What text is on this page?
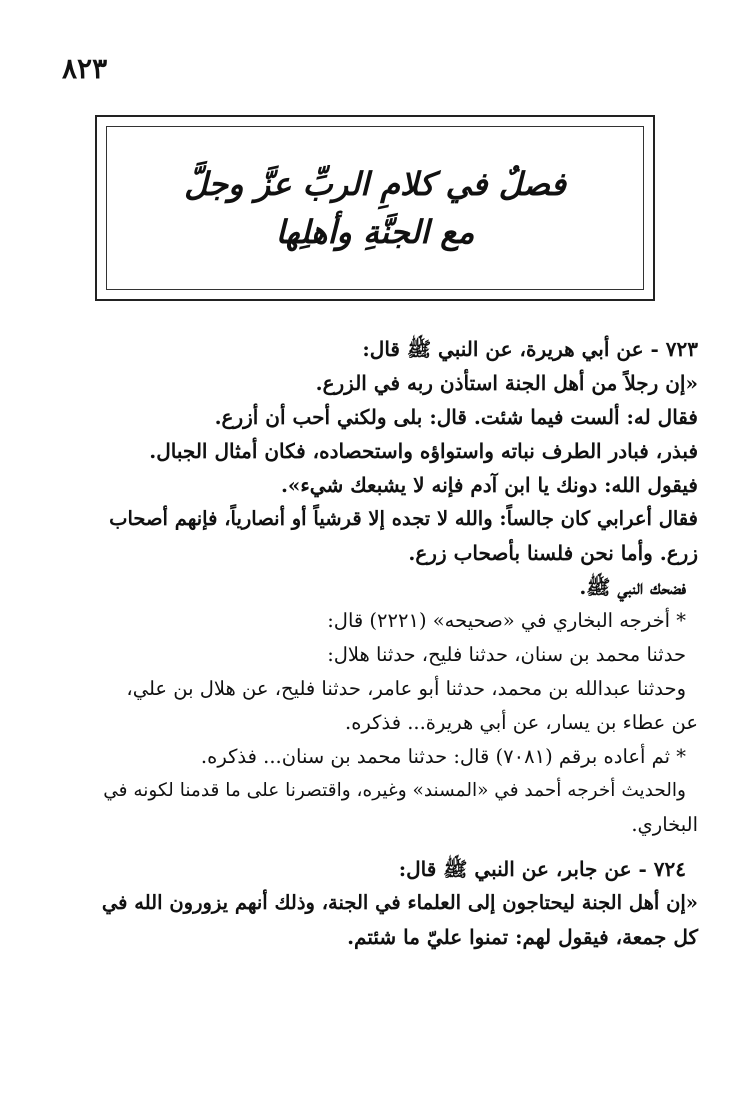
٨٢٣
فصلٌ في كلامِ الربِّ عزَّ وجلَّ
مع الجنَّةِ وأهلِها
٧٢٣ - عن أبي هريرة، عن النبي ﷺ قال:
«إن رجلاً من أهل الجنة استأذن ربه في الزرع.
فقال له: ألست فيما شئت. قال: بلى ولكني أحب أن أزرع.
فبذر، فبادر الطرف نباته واستواؤه واستحصاده، فكان أمثال الجبال.
فيقول الله: دونك يا ابن آدم فإنه لا يشبعك شيء».
فقال أعرابي كان جالساً: والله لا تجده إلا قرشياً أو أنصارياً، فإنهم أصحاب
زرع. وأما نحن فلسنا بأصحاب زرع.
فضحك النبي ﷺ.
* أخرجه البخاري في «صحيحه» (٢٢٢١) قال:
حدثنا محمد بن سنان، حدثنا فليح، حدثنا هلال:
وحدثنا عبدالله بن محمد، حدثنا أبو عامر، حدثنا فليح، عن هلال بن علي،
عن عطاء بن يسار، عن أبي هريرة... فذكره.
* ثم أعاده برقم (٧٠٨١) قال: حدثنا محمد بن سنان... فذكره.
والحديث أخرجه أحمد في «المسند» وغيره، واقتصرنا على ما قدمنا لكونه في
البخاري.
٧٢٤ - عن جابر، عن النبي ﷺ قال:
«إن أهل الجنة ليحتاجون إلى العلماء في الجنة، وذلك أنهم يزورون الله في
كل جمعة، فيقول لهم: تمنوا عليّ ما شئتم.
